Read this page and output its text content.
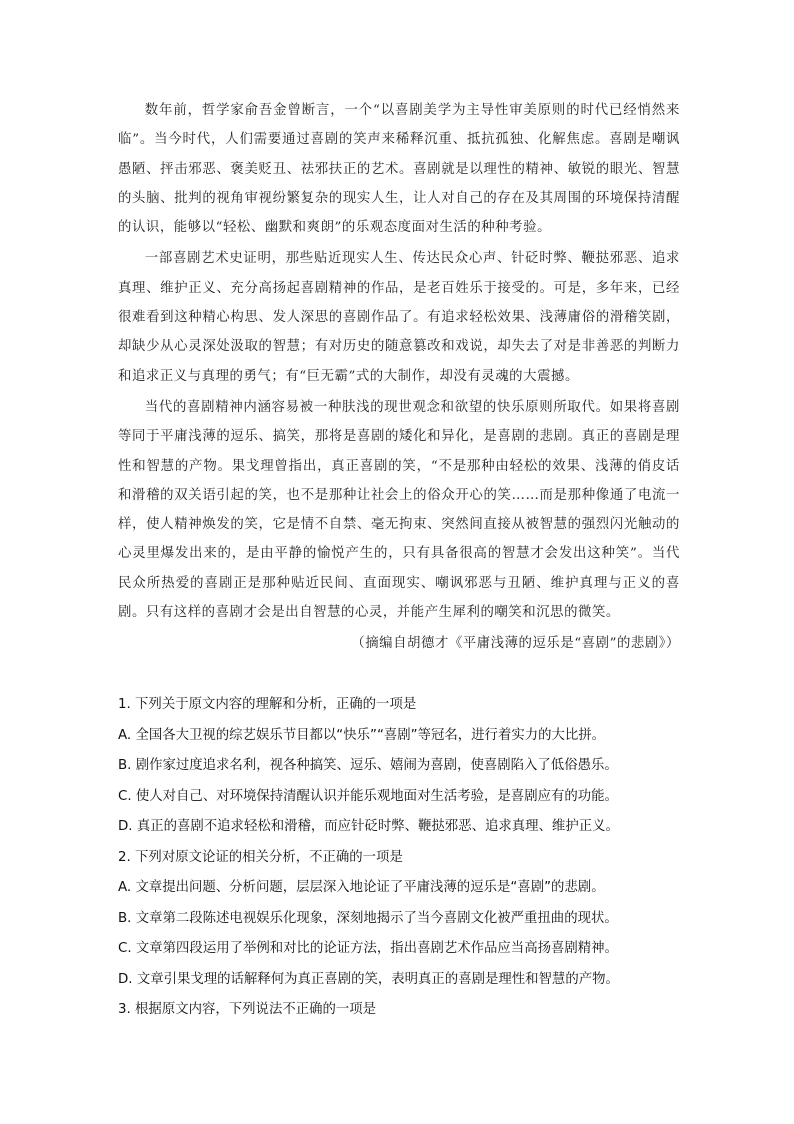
数年前，哲学家俞吾金曾断言，一个“以喜剧美学为主导性审美原则的时代已经悄然来临”。当今时代，人们需要通过喜剧的笑声来稀释沉重、抵抗孤独、化解焦虑。喜剧是嘲讽愚陋、抨击邪恶、褒美贬丑、祛邪扶正的艺术。喜剧就是以理性的精神、敏锐的眼光、智慧的头脑、批判的视角审视纷繁复杂的现实人生，让人对自己的存在及其周围的环境保持清醒的认识，能够以“轻松、幽默和爽朗”的乐观态度面对生活的种种考验。

一部喜剧艺术史证明，那些贴近现实人生、传达民众心声、针砭时弊、鞭挞邪恶、追求真理、维护正义、充分高扬起喜剧精神的作品，是老百姓乐于接受的。可是，多年来，已经很难看到这种精心构思、发人深思的喜剧作品了。有追求轻松效果、浅薄庸俗的滑稽笑剧，却缺少从心灵深处汲取的智慧；有对历史的随意篡改和戏说，却失去了对是非善恶的判断力和追求正义与真理的勇气；有“巨无霸”式的大制作，却没有灵魂的大震撼。

当代的喜剧精神内涵容易被一种肤浅的现世观念和欲望的快乐原则所取代。如果将喜剧等同于平庸浅薄的逗乐、搞笑，那将是喜剧的矮化和异化，是喜剧的悲剧。真正的喜剧是理性和智慧的产物。果戈理曾指出，真正喜剧的笑，“不是那种由轻松的效果、浅薄的俏皮话和滑稽的双关语引起的笑，也不是那种让社会上的俗众开心的笑……而是那种像通了电流一样，使人精神焕发的笑，它是情不自禁、毫无拘束、突然间直接从被智慧的强烈闪光触动的心灵里爆发出来的，是由平静的愉悦产生的，只有具备很高的智慧才会发出这种笑”。当代民众所热爱的喜剧正是那种贴近民间、直面现实、嘲讽邪恶与丑陋、维护真理与正义的喜剧。只有这样的喜剧才会是出自智慧的心灵，并能产生犀利的嘲笑和沉思的微笑。

（摘编自胡德才《平庸浅薄的逗乐是“喜剧”的悲剧》）

1. 下列关于原文内容的理解和分析，正确的一项是
A. 全国各大卫视的综艺娱乐节目都以“快乐”“喜剧”等冠名，进行着实力的大比拼。
B. 剧作家过度追求名利，视各种搞笑、逗乐、嬉闹为喜剧，使喜剧陷入了低俗愚乐。
C. 使人对自己、对环境保持清醒认识并能乐观地面对生活考验，是喜剧应有的功能。
D. 真正的喜剧不追求轻松和滑稽，而应针砭时弊、鞭挞邪恶、追求真理、维护正义。
2. 下列对原文论证的相关分析，不正确的一项是
A. 文章提出问题、分析问题，层层深入地论证了平庸浅薄的逗乐是“喜剧”的悲剧。
B. 文章第二段陈述电视娱乐化现象，深刻地揭示了当今喜剧文化被严重扭曲的现状。
C. 文章第四段运用了举例和对比的论证方法，指出喜剧艺术作品应当高扬喜剧精神。
D. 文章引果戈理的话解释何为真正喜剧的笑，表明真正的喜剧是理性和智慧的产物。
3. 根据原文内容，下列说法不正确的一项是
